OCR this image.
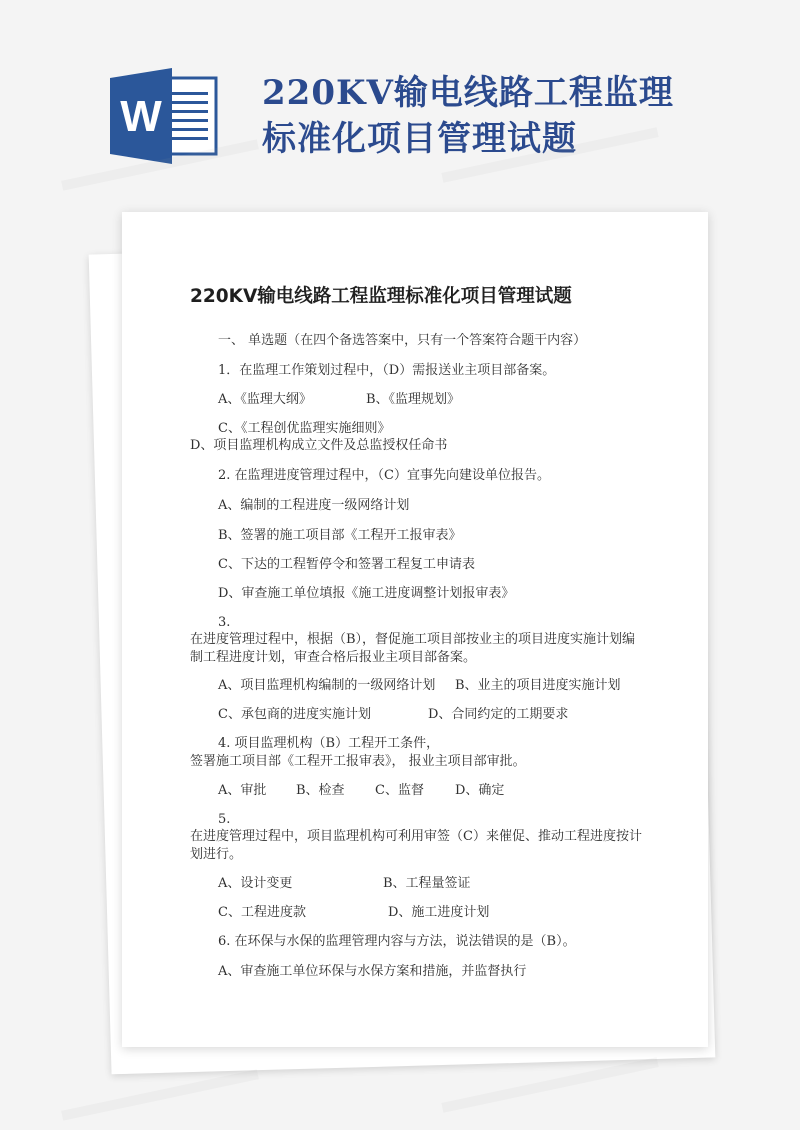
W	220KV输电线路工程监理
标准化项目管理试题
220KV输电线路工程监理标准化项目管理试题
一、 单选题（在四个备选答案中，只有一个答案符合题干内容）
1．在监理工作策划过程中，（D）需报送业主项目部备案。
A、《监理大纲》	B、《监理规划》
C、《工程创优监理实施细则》
D、项目监理机构成立文件及总监授权任命书
2. 在监理进度管理过程中，（C）宜事先向建设单位报告。
A、编制的工程进度一级网络计划
B、签署的施工项目部《工程开工报审表》
C、下达的工程暂停令和签署工程复工申请表
D、审查施工单位填报《施工进度调整计划报审表》
3.
在进度管理过程中，根据（B），督促施工项目部按业主的项目进度实施计划编
制工程进度计划，审查合格后报业主项目部备案。
A、项目监理机构编制的一级网络计划 B、业主的项目进度实施计划
C、承包商的进度实施计划	D、合同约定的工期要求
4. 项目监理机构（B）工程开工条件，
签署施工项目部《工程开工报审表》， 报业主项目部审批。
A、审批 B、检查 C、监督 D、确定
5.
在进度管理过程中，项目监理机构可利用审签（C）来催促、推动工程进度按计
划进行。
A、设计变更	B、工程量签证
C、工程进度款	D、施工进度计划
6. 在环保与水保的监理管理内容与方法，说法错误的是（B）。
A、审查施工单位环保与水保方案和措施，并监督执行
